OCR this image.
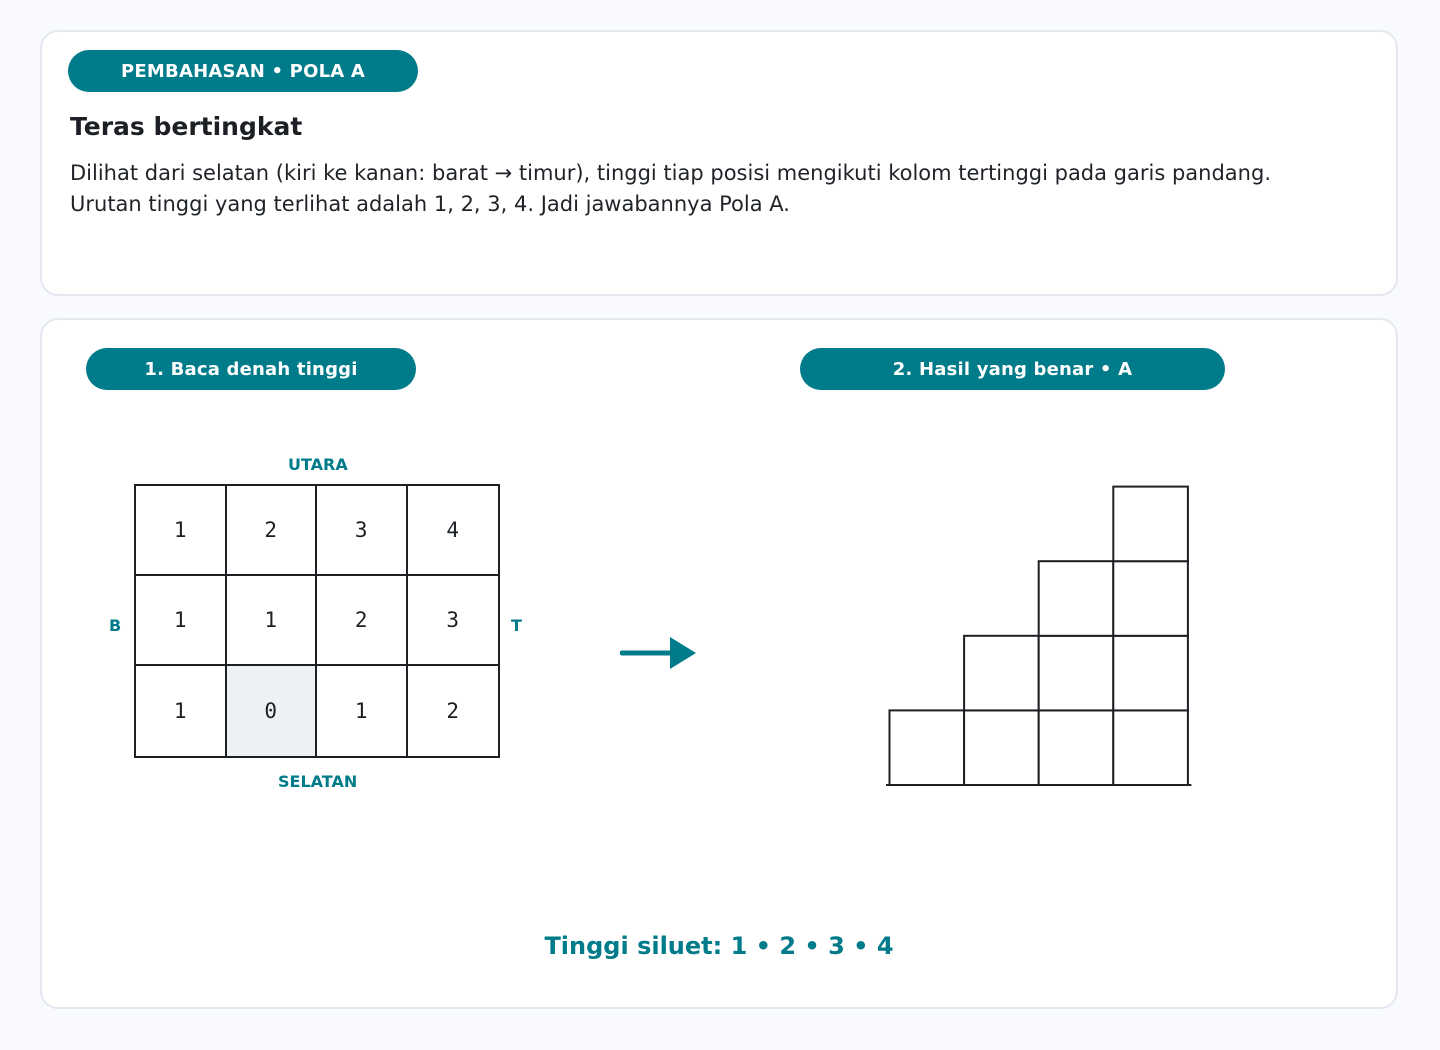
PEMBAHASAN • POLA A
Teras bertingkat

Dilihat dari selatan (kiri ke kanan: barat → timur), tinggi tiap posisi mengikuti kolom tertinggi pada garis pandang. Urutan tinggi yang terlihat adalah 1, 2, 3, 4. Jadi jawabannya Pola A.

1. Baca denah tinggi	2. Hasil yang benar • A
UTARA
SELATAN
B	T
1	2	3	4
1	1	2	3
1	0	1	2
Tinggi siluet: 1 • 2 • 3 • 4
